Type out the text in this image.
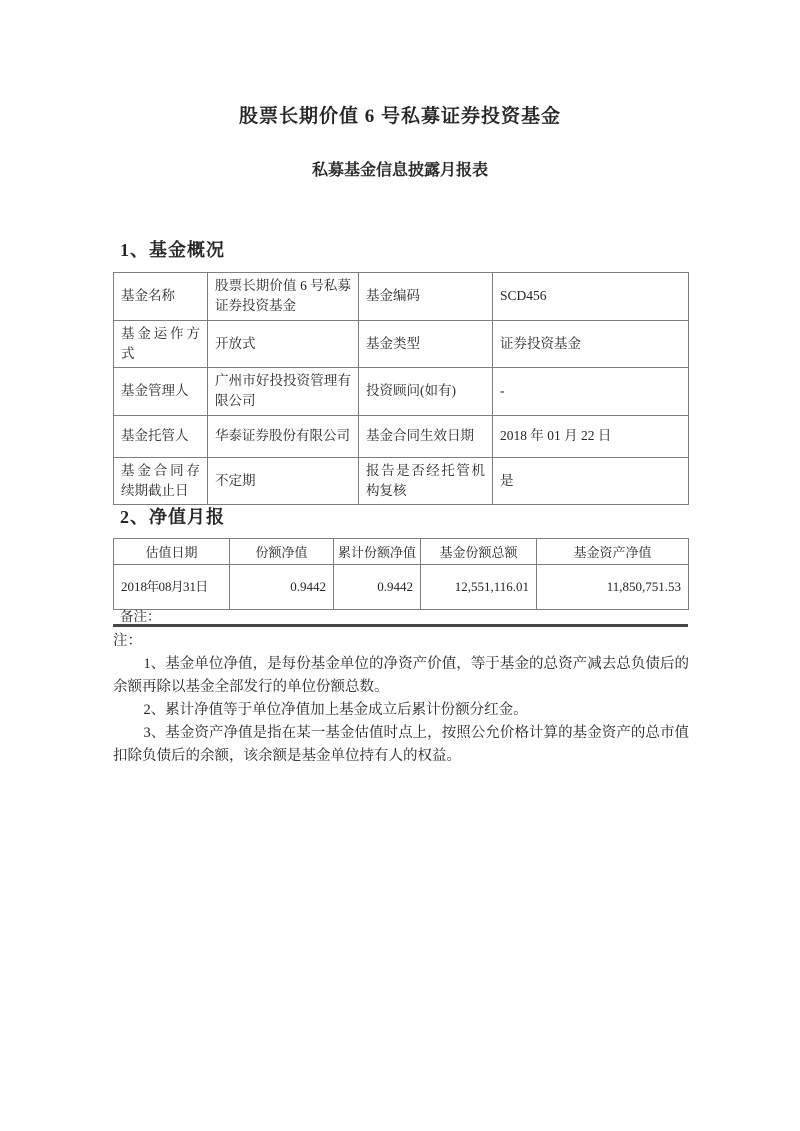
股票长期价值 6 号私募证券投资基金
私募基金信息披露月报表
1、基金概况
基金名称	股票长期价值 6 号私募证券投资基金	基金编码	SCD456
基金运作方式	开放式	基金类型	证券投资基金
基金管理人	广州市好投投资管理有限公司	投资顾问(如有)	-
基金托管人	华泰证券股份有限公司	基金合同生效日期	2018 年 01 月 22 日
基金合同存续期截止日	不定期	报告是否经托管机构复核	是
2、净值月报
估值日期	份额净值	累计份额净值	基金份额总额	基金资产净值
2018 年 08 月 31 日	0.9442	0.9442	12,551,116.01	11,850,751.53
备注：
注：

1、基金单位净值，是每份基金单位的净资产价值，等于基金的总资产减去总负债后的余额再除以基金全部发行的单位份额总数。

2、累计净值等于单位净值加上基金成立后累计份额分红金。

3、基金资产净值是指在某一基金估值时点上，按照公允价格计算的基金资产的总市值扣除负债后的余额，该余额是基金单位持有人的权益。
